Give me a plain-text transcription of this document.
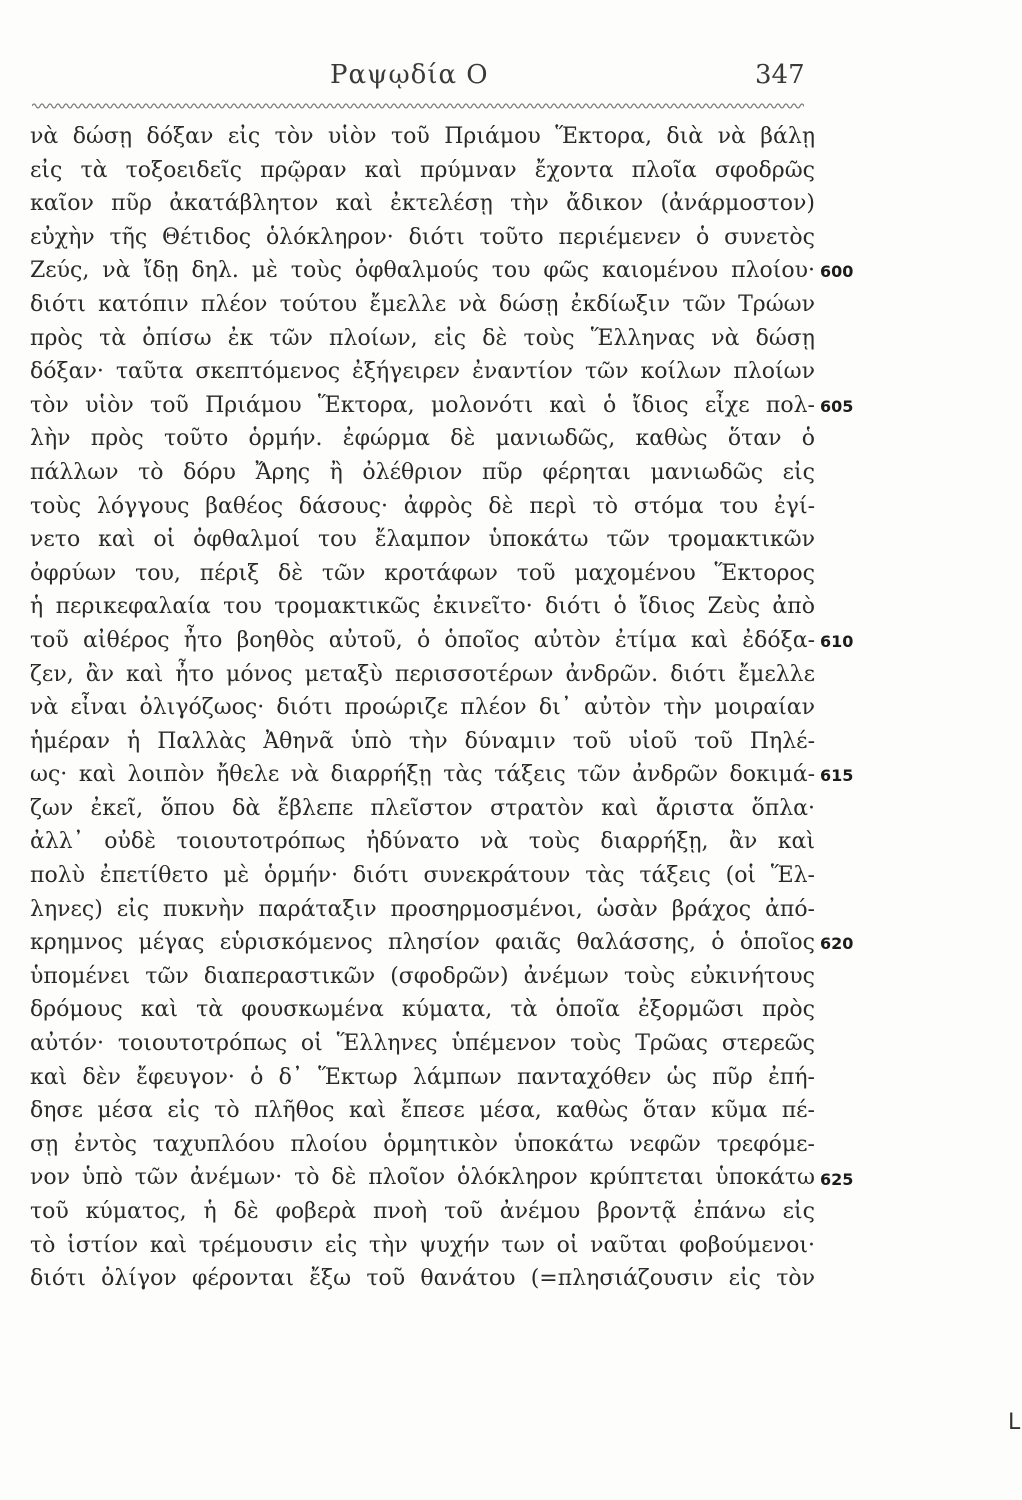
Ραψῳδία Ο	347
νὰ δώσῃ δόξαν εἰς τὸν υἱὸν τοῦ Πριάμου Ἕκτορα, διὰ νὰ βάλῃ
εἰς τὰ τοξοειδεῖς πρῷραν καὶ πρύμναν ἔχοντα πλοῖα σφοδρῶς
καῖον πῦρ ἀκατάβλητον καὶ ἐκτελέσῃ τὴν ἄδικον (ἀνάρμοστον)
εὐχὴν τῆς Θέτιδος ὁλόκληρον· διότι τοῦτο περιέμενεν ὁ συνετὸς
Ζεύς, νὰ ἴδῃ δηλ. μὲ τοὺς ὀφθαλμούς του φῶς καιομένου πλοίου·
διότι κατόπιν πλέον τούτου ἔμελλε νὰ δώσῃ ἐκδίωξιν τῶν Τρώων
πρὸς τὰ ὀπίσω ἐκ τῶν πλοίων, εἰς δὲ τοὺς Ἕλληνας νὰ δώσῃ
δόξαν· ταῦτα σκεπτόμενος ἐξήγειρεν ἐναντίον τῶν κοίλων πλοίων
τὸν υἱὸν τοῦ Πριάμου Ἕκτορα, μολονότι καὶ ὁ ἴδιος εἶχε πολ-
λὴν πρὸς τοῦτο ὁρμήν. ἐφώρμα δὲ μανιωδῶς, καθὼς ὅταν ὁ
πάλλων τὸ δόρυ Ἄρης ἢ ὀλέθριον πῦρ φέρηται μανιωδῶς εἰς
τοὺς λόγγους βαθέος δάσους· ἀφρὸς δὲ περὶ τὸ στόμα του ἐγί-
νετο καὶ οἱ ὀφθαλμοί του ἔλαμπον ὑποκάτω τῶν τρομακτικῶν
ὀφρύων του, πέριξ δὲ τῶν κροτάφων τοῦ μαχομένου Ἕκτορος
ἡ περικεφαλαία του τρομακτικῶς ἐκινεῖτο· διότι ὁ ἴδιος Ζεὺς ἀπὸ
τοῦ αἰθέρος ἦτο βοηθὸς αὐτοῦ, ὁ ὁποῖος αὐτὸν ἐτίμα καὶ ἐδόξα-
ζεν, ἂν καὶ ἦτο μόνος μεταξὺ περισσοτέρων ἀνδρῶν. διότι ἔμελλε
νὰ εἶναι ὀλιγόζωος· διότι προώριζε πλέον δι᾽ αὐτὸν τὴν μοιραίαν
ἡμέραν ἡ Παλλὰς Ἀθηνᾶ ὑπὸ τὴν δύναμιν τοῦ υἱοῦ τοῦ Πηλέ-
ως· καὶ λοιπὸν ἤθελε νὰ διαρρήξῃ τὰς τάξεις τῶν ἀνδρῶν δοκιμά-
ζων ἐκεῖ, ὅπου δὰ ἔβλεπε πλεῖστον στρατὸν καὶ ἄριστα ὅπλα·
ἀλλ᾽ οὐδὲ τοιουτοτρόπως ἠδύνατο νὰ τοὺς διαρρήξῃ, ἂν καὶ
πολὺ ἐπετίθετο μὲ ὁρμήν· διότι συνεκράτουν τὰς τάξεις (οἱ Ἕλ-
ληνες) εἰς πυκνὴν παράταξιν προσηρμοσμένοι, ὡσὰν βράχος ἀπό-
κρημνος μέγας εὑρισκόμενος πλησίον φαιᾶς θαλάσσης, ὁ ὁποῖος
ὑπομένει τῶν διαπεραστικῶν (σφοδρῶν) ἀνέμων τοὺς εὐκινήτους
δρόμους καὶ τὰ φουσκωμένα κύματα, τὰ ὁποῖα ἐξορμῶσι πρὸς
αὐτόν· τοιουτοτρόπως οἱ Ἕλληνες ὑπέμενον τοὺς Τρῶας στερεῶς
καὶ δὲν ἔφευγον· ὁ δ᾽ Ἕκτωρ λάμπων πανταχόθεν ὡς πῦρ ἐπή-
δησε μέσα εἰς τὸ πλῆθος καὶ ἔπεσε μέσα, καθὼς ὅταν κῦμα πέ-
σῃ ἐντὸς ταχυπλόου πλοίου ὁρμητικὸν ὑποκάτω νεφῶν τρεφόμε-
νον ὑπὸ τῶν ἀνέμων· τὸ δὲ πλοῖον ὁλόκληρον κρύπτεται ὑποκάτω
τοῦ κύματος, ἡ δὲ φοβερὰ πνοὴ τοῦ ἀνέμου βροντᾷ ἐπάνω εἰς
τὸ ἱστίον καὶ τρέμουσιν εἰς τὴν ψυχήν των οἱ ναῦται φοβούμενοι·
διότι ὀλίγον φέρονται ἔξω τοῦ θανάτου (=πλησιάζουσιν εἰς τὸν
600
605
610
615
620
625
L
